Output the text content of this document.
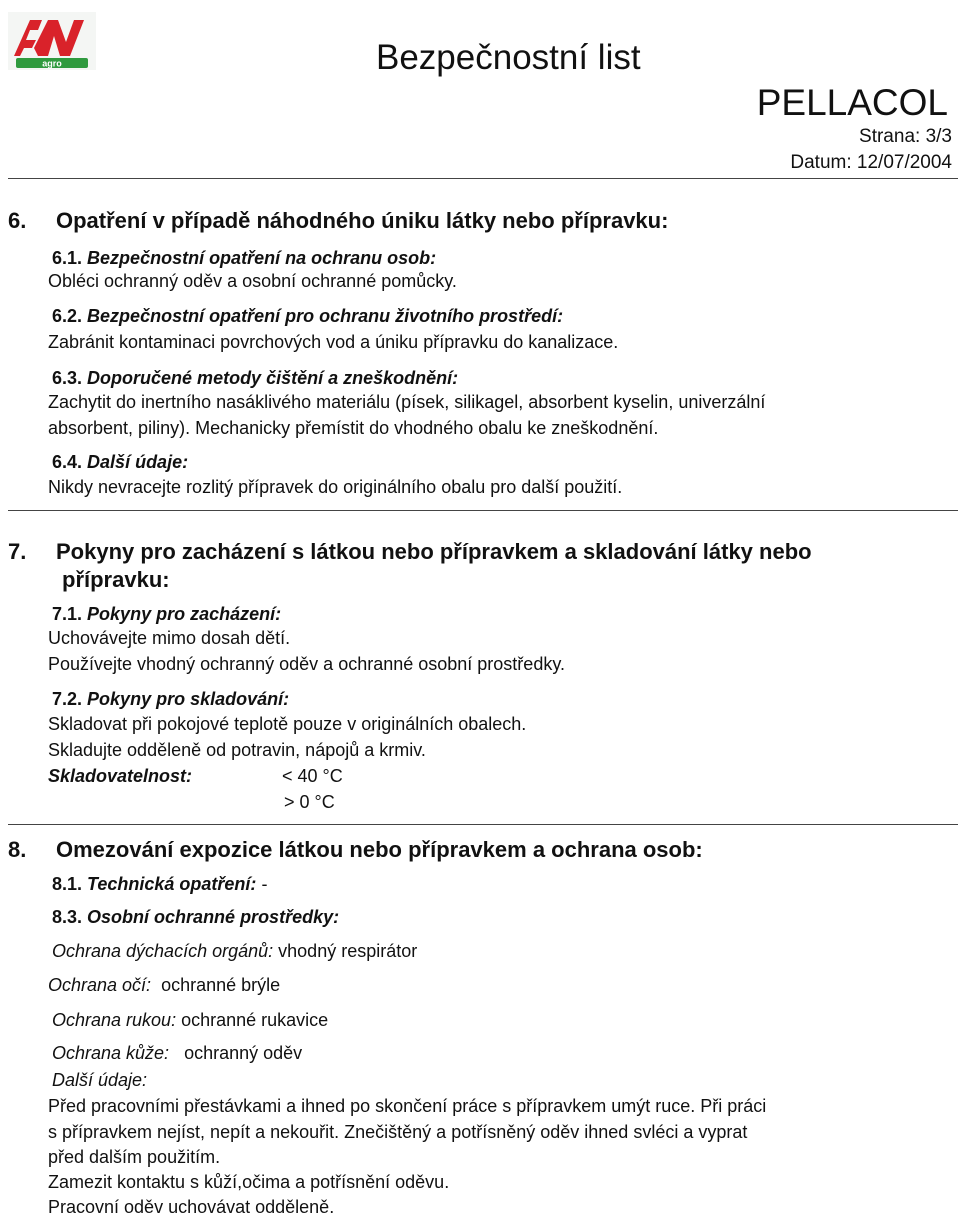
agro	Bezpečnostní list
PELLACOL
Strana: 3/3
Datum: 12/07/2004
6. Opatření v případě náhodného úniku látky nebo přípravku:
6.1. Bezpečnostní opatření na ochranu osob:
Obléci ochranný oděv a osobní ochranné pomůcky.
6.2. Bezpečnostní opatření pro ochranu životního prostředí:
Zabránit kontaminaci povrchových vod a úniku přípravku do kanalizace.
6.3. Doporučené metody čištění a zneškodnění:
Zachytit do inertního nasáklivého materiálu (písek, silikagel, absorbent kyselin, univerzální
absorbent, piliny). Mechanicky přemístit do vhodného obalu ke zneškodnění.
6.4. Další údaje:
Nikdy nevracejte rozlitý přípravek do originálního obalu pro další použití.
7. Pokyny pro zacházení s látkou nebo přípravkem a skladování látky nebo
přípravku:
7.1. Pokyny pro zacházení:
Uchovávejte mimo dosah dětí.
Používejte vhodný ochranný oděv a ochranné osobní prostředky.
7.2. Pokyny pro skladování:
Skladovat při pokojové teplotě pouze v originálních obalech.
Skladujte odděleně od potravin, nápojů a krmiv.
Skladovatelnost:	< 40 °C
> 0 °C
8. Omezování expozice látkou nebo přípravkem a ochrana osob:
8.1. Technická opatření: -
8.3. Osobní ochranné prostředky:
Ochrana dýchacích orgánů: vhodný respirátor
Ochrana očí: ochranné brýle
Ochrana rukou: ochranné rukavice
Ochrana kůže: ochranný oděv
Další údaje:
Před pracovními přestávkami a ihned po skončení práce s přípravkem umýt ruce. Při práci
s přípravkem nejíst, nepít a nekouřit. Znečištěný a potřísněný oděv ihned svléci a vyprat
před dalším použitím.
Zamezit kontaktu s kůží,očima a potřísnění oděvu.
Pracovní oděv uchovávat odděleně.
